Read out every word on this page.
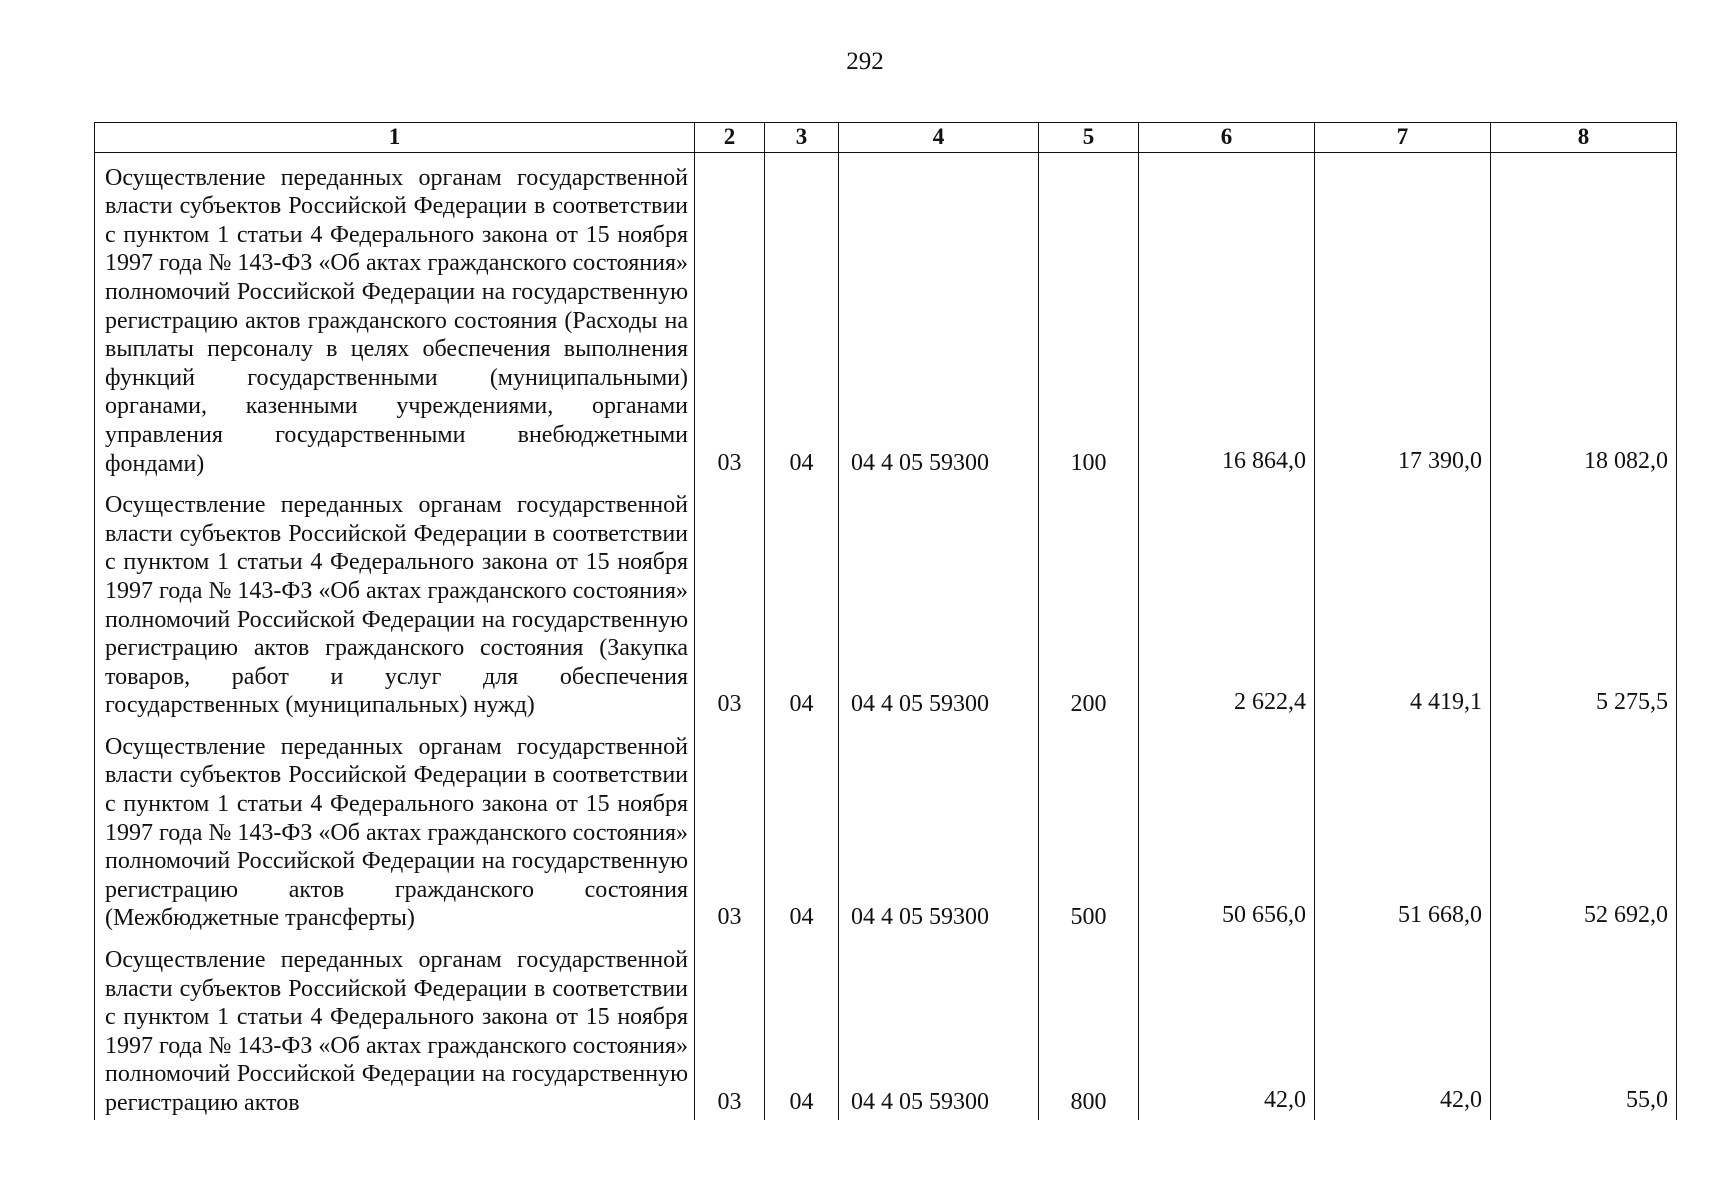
292
1	2	3	4	5	6	7	8
Осуществление переданных органам государственной власти субъектов Российской Федерации в соответствии с пунктом 1 статьи 4 Федерального закона от 15 ноября 1997 года № 143-ФЗ «Об актах гражданского состояния» полномочий Российской Федерации на государственную регистрацию актов гражданского состояния (Расходы на выплаты персоналу в целях обеспечения выполнения функций государственными (муниципальными) органами, казенными учреждениями, органами управления государственными внебюджетными фондами)	03	04	04 4 05 59300	100	16 864,0	17 390,0	18 082,0
Осуществление переданных органам государственной власти субъектов Российской Федерации в соответствии с пунктом 1 статьи 4 Федерального закона от 15 ноября 1997 года № 143-ФЗ «Об актах гражданского состояния» полномочий Российской Федерации на государственную регистрацию актов гражданского состояния (Закупка товаров, работ и услуг для обеспечения государственных (муниципальных) нужд)	03	04	04 4 05 59300	200	2 622,4	4 419,1	5 275,5
Осуществление переданных органам государственной власти субъектов Российской Федерации в соответствии с пунктом 1 статьи 4 Федерального закона от 15 ноября 1997 года № 143-ФЗ «Об актах гражданского состояния» полномочий Российской Федерации на государственную регистрацию актов гражданского состояния (Межбюджетные трансферты)	03	04	04 4 05 59300	500	50 656,0	51 668,0	52 692,0
Осуществление переданных органам государственной власти субъектов Российской Федерации в соответствии с пунктом 1 статьи 4 Федерального закона от 15 ноября 1997 года № 143-ФЗ «Об актах гражданского состояния» полномочий Российской Федерации на государственную регистрацию актов	03	04	04 4 05 59300	800	42,0	42,0	55,0
